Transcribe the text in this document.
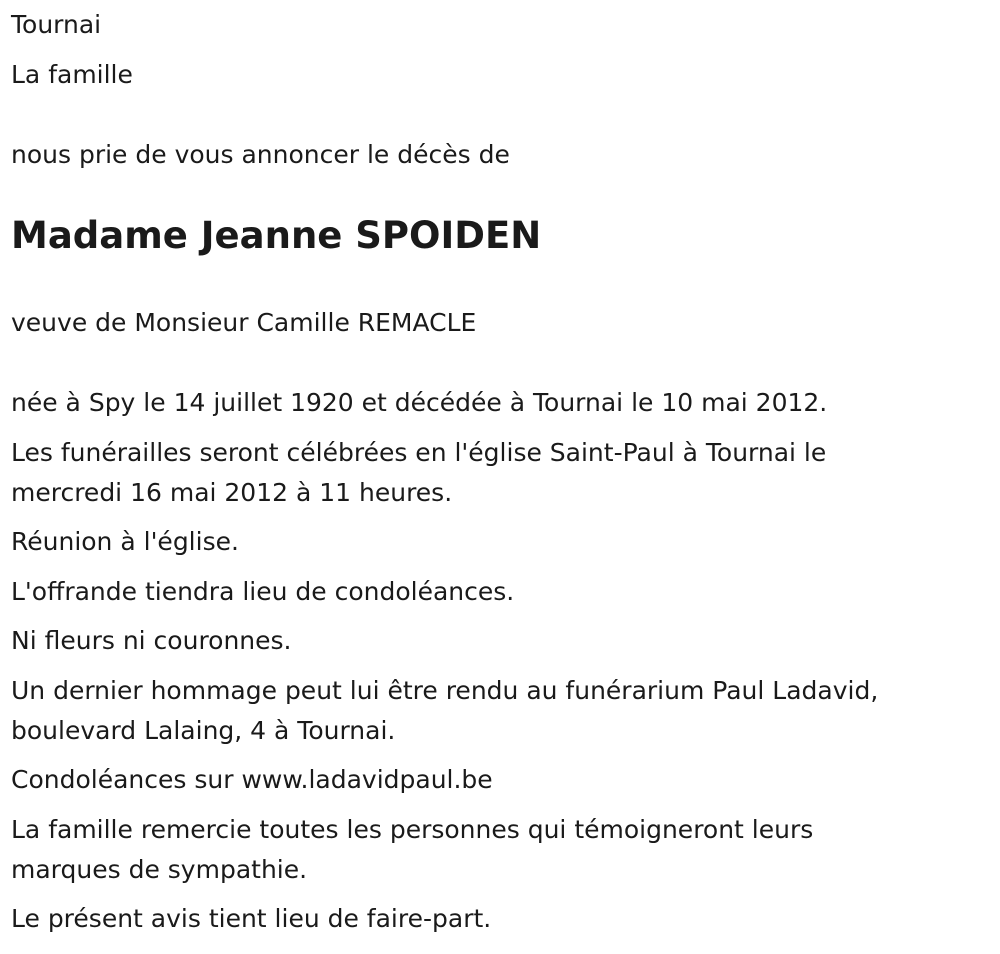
Tournai

La famille

nous prie de vous annoncer le décès de

Madame Jeanne SPOIDEN

veuve de Monsieur Camille REMACLE

née à Spy le 14 juillet 1920 et décédée à Tournai le 10 mai 2012.

Les funérailles seront célébrées en l'église Saint-Paul à Tournai le

mercredi 16 mai 2012 à 11 heures.

Réunion à l'église.

L'offrande tiendra lieu de condoléances.

Ni fleurs ni couronnes.

Un dernier hommage peut lui être rendu au funérarium Paul Ladavid,

boulevard Lalaing, 4 à Tournai.

Condoléances sur www.ladavidpaul.be

La famille remercie toutes les personnes qui témoigneront leurs

marques de sympathie.

Le présent avis tient lieu de faire-part.
